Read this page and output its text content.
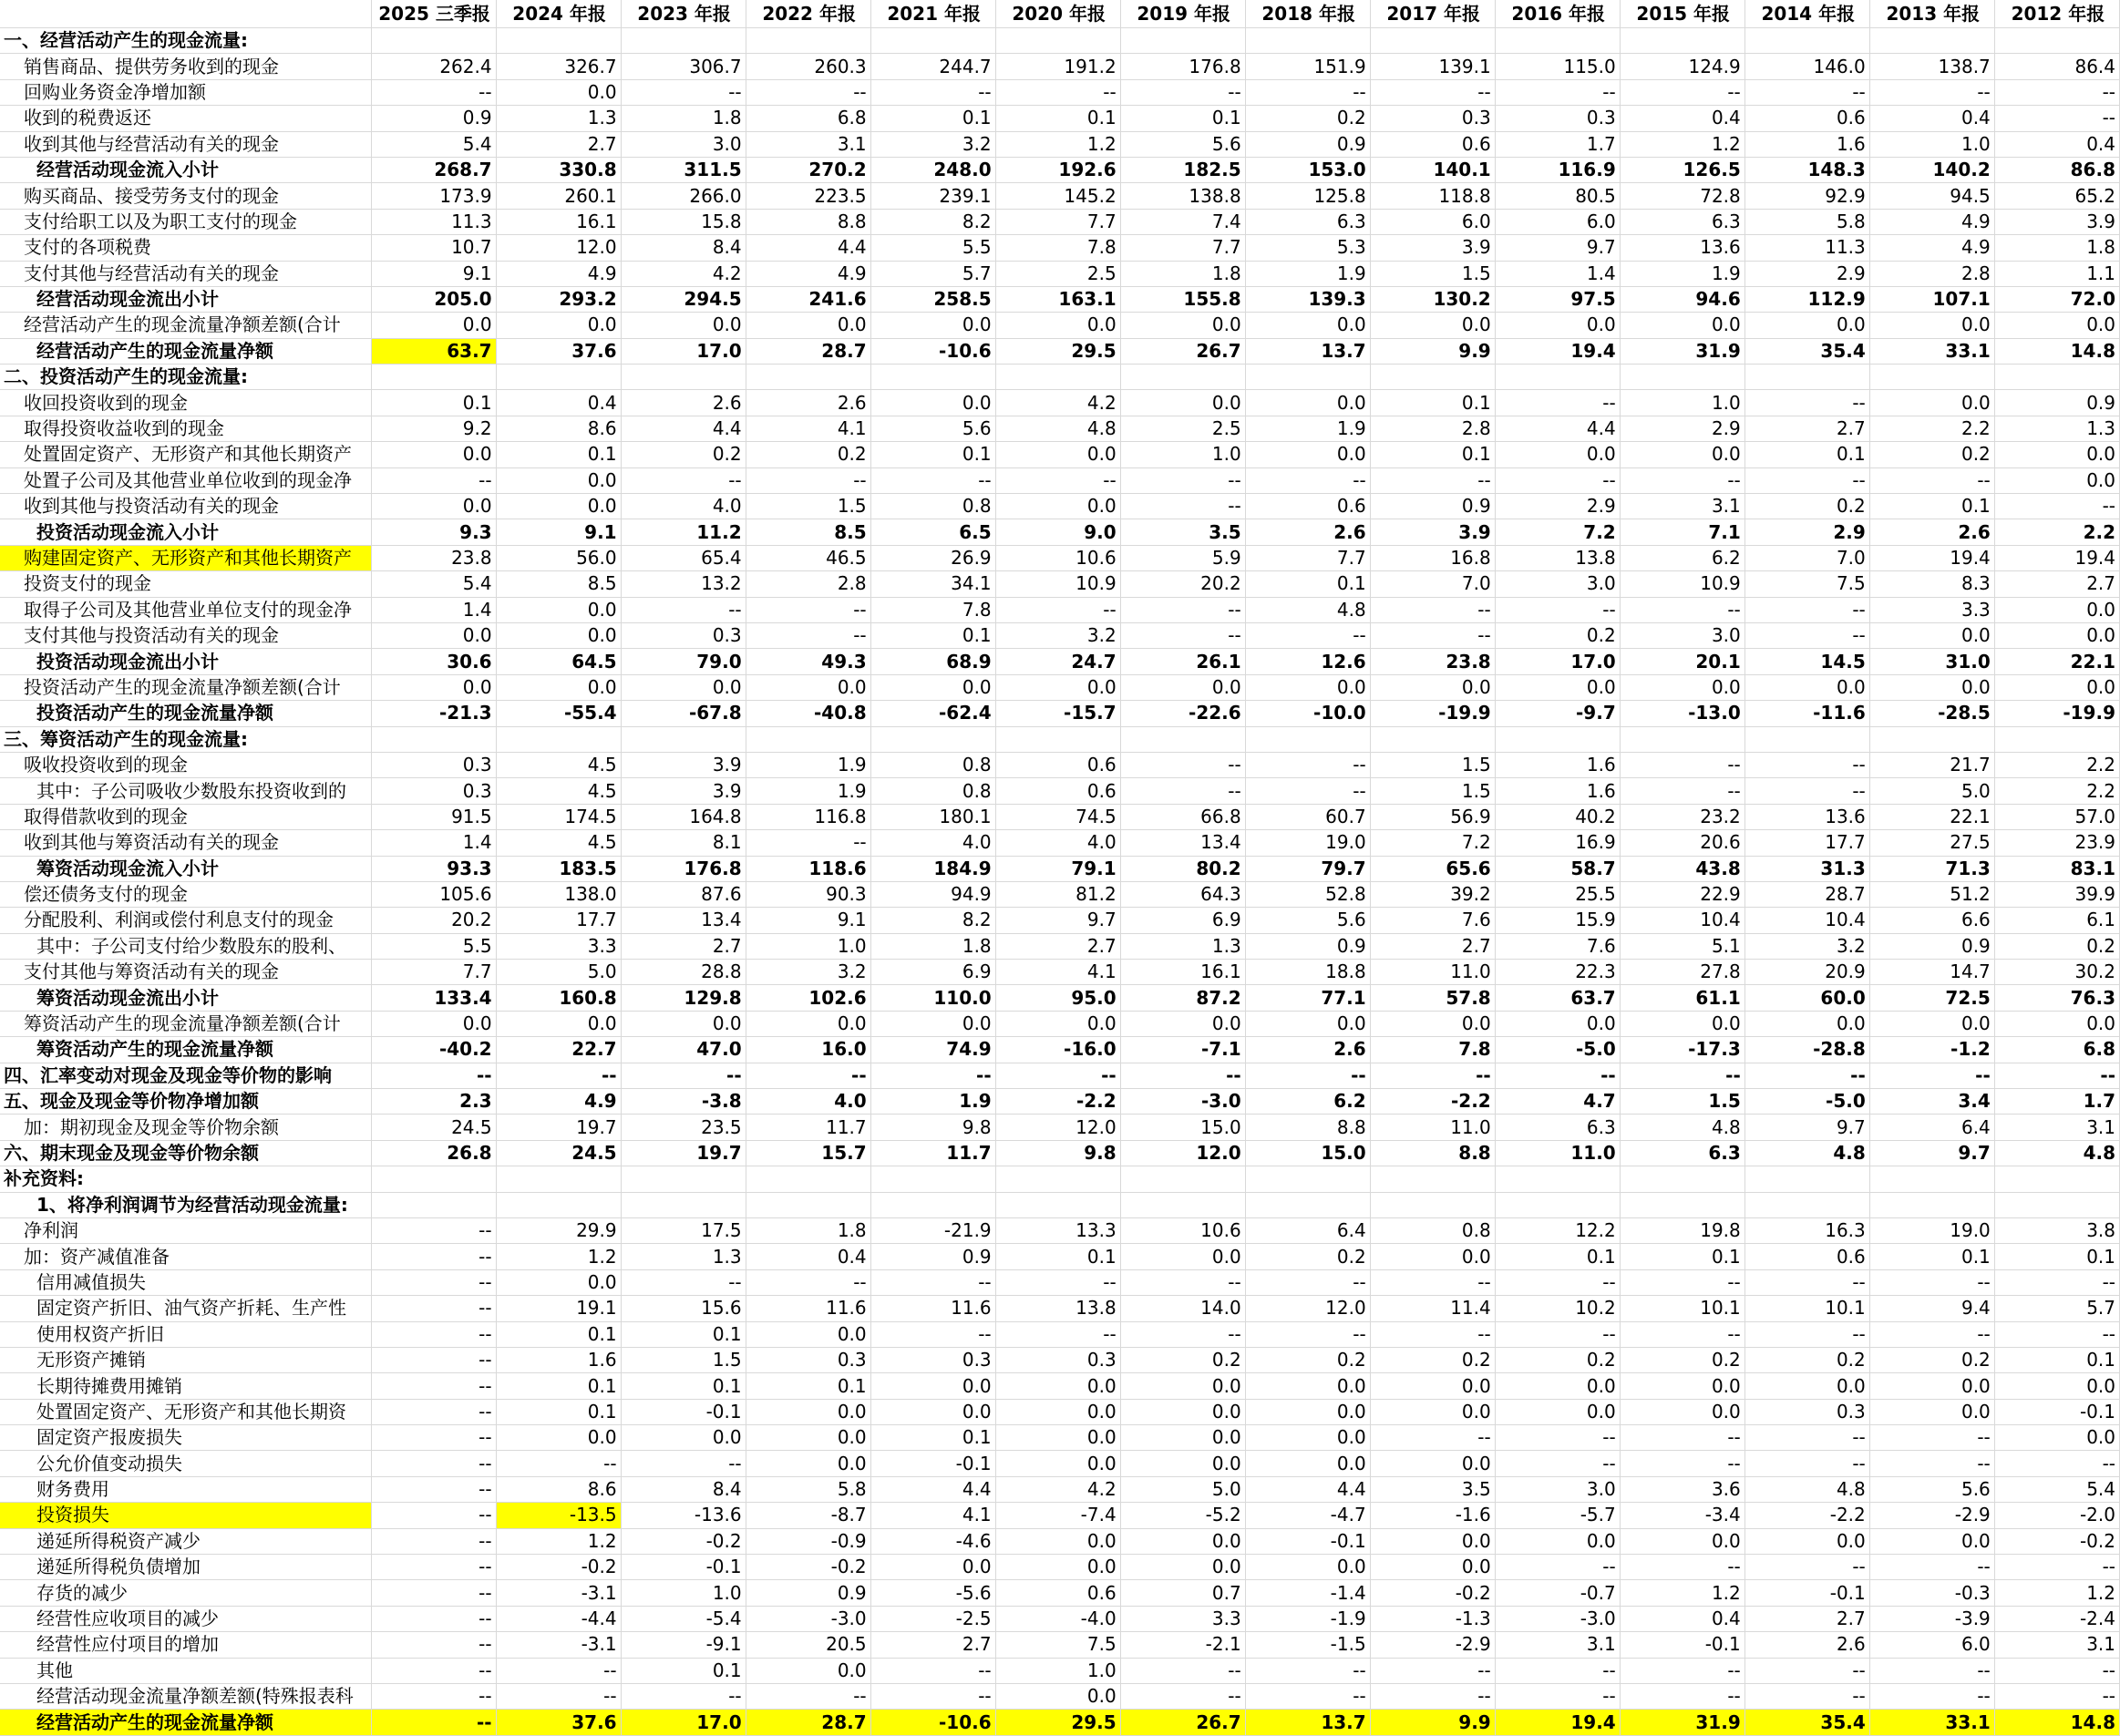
	2025 三季报	2024 年报	2023 年报	2022 年报	2021 年报	2020 年报	2019 年报	2018 年报	2017 年报	2016 年报	2015 年报	2014 年报	2013 年报	2012 年报
一、经营活动产生的现金流量:														
销售商品、提供劳务收到的现金	262.4	326.7	306.7	260.3	244.7	191.2	176.8	151.9	139.1	115.0	124.9	146.0	138.7	86.4
回购业务资金净增加额	--	0.0	--	--	--	--	--	--	--	--	--	--	--	--
收到的税费返还	0.9	1.3	1.8	6.8	0.1	0.1	0.1	0.2	0.3	0.3	0.4	0.6	0.4	--
收到其他与经营活动有关的现金	5.4	2.7	3.0	3.1	3.2	1.2	5.6	0.9	0.6	1.7	1.2	1.6	1.0	0.4
经营活动现金流入小计	268.7	330.8	311.5	270.2	248.0	192.6	182.5	153.0	140.1	116.9	126.5	148.3	140.2	86.8
购买商品、接受劳务支付的现金	173.9	260.1	266.0	223.5	239.1	145.2	138.8	125.8	118.8	80.5	72.8	92.9	94.5	65.2
支付给职工以及为职工支付的现金	11.3	16.1	15.8	8.8	8.2	7.7	7.4	6.3	6.0	6.0	6.3	5.8	4.9	3.9
支付的各项税费	10.7	12.0	8.4	4.4	5.5	7.8	7.7	5.3	3.9	9.7	13.6	11.3	4.9	1.8
支付其他与经营活动有关的现金	9.1	4.9	4.2	4.9	5.7	2.5	1.8	1.9	1.5	1.4	1.9	2.9	2.8	1.1
经营活动现金流出小计	205.0	293.2	294.5	241.6	258.5	163.1	155.8	139.3	130.2	97.5	94.6	112.9	107.1	72.0
经营活动产生的现金流量净额差额(合计	0.0	0.0	0.0	0.0	0.0	0.0	0.0	0.0	0.0	0.0	0.0	0.0	0.0	0.0
经营活动产生的现金流量净额	63.7	37.6	17.0	28.7	-10.6	29.5	26.7	13.7	9.9	19.4	31.9	35.4	33.1	14.8
二、投资活动产生的现金流量:														
收回投资收到的现金	0.1	0.4	2.6	2.6	0.0	4.2	0.0	0.0	0.1	--	1.0	--	0.0	0.9
取得投资收益收到的现金	9.2	8.6	4.4	4.1	5.6	4.8	2.5	1.9	2.8	4.4	2.9	2.7	2.2	1.3
处置固定资产、无形资产和其他长期资产	0.0	0.1	0.2	0.2	0.1	0.0	1.0	0.0	0.1	0.0	0.0	0.1	0.2	0.0
处置子公司及其他营业单位收到的现金净	--	0.0	--	--	--	--	--	--	--	--	--	--	--	0.0
收到其他与投资活动有关的现金	0.0	0.0	4.0	1.5	0.8	0.0	--	0.6	0.9	2.9	3.1	0.2	0.1	--
投资活动现金流入小计	9.3	9.1	11.2	8.5	6.5	9.0	3.5	2.6	3.9	7.2	7.1	2.9	2.6	2.2
购建固定资产、无形资产和其他长期资产	23.8	56.0	65.4	46.5	26.9	10.6	5.9	7.7	16.8	13.8	6.2	7.0	19.4	19.4
投资支付的现金	5.4	8.5	13.2	2.8	34.1	10.9	20.2	0.1	7.0	3.0	10.9	7.5	8.3	2.7
取得子公司及其他营业单位支付的现金净	1.4	0.0	--	--	7.8	--	--	4.8	--	--	--	--	3.3	0.0
支付其他与投资活动有关的现金	0.0	0.0	0.3	--	0.1	3.2	--	--	--	0.2	3.0	--	0.0	0.0
投资活动现金流出小计	30.6	64.5	79.0	49.3	68.9	24.7	26.1	12.6	23.8	17.0	20.1	14.5	31.0	22.1
投资活动产生的现金流量净额差额(合计	0.0	0.0	0.0	0.0	0.0	0.0	0.0	0.0	0.0	0.0	0.0	0.0	0.0	0.0
投资活动产生的现金流量净额	-21.3	-55.4	-67.8	-40.8	-62.4	-15.7	-22.6	-10.0	-19.9	-9.7	-13.0	-11.6	-28.5	-19.9
三、筹资活动产生的现金流量:														
吸收投资收到的现金	0.3	4.5	3.9	1.9	0.8	0.6	--	--	1.5	1.6	--	--	21.7	2.2
其中：子公司吸收少数股东投资收到的	0.3	4.5	3.9	1.9	0.8	0.6	--	--	1.5	1.6	--	--	5.0	2.2
取得借款收到的现金	91.5	174.5	164.8	116.8	180.1	74.5	66.8	60.7	56.9	40.2	23.2	13.6	22.1	57.0
收到其他与筹资活动有关的现金	1.4	4.5	8.1	--	4.0	4.0	13.4	19.0	7.2	16.9	20.6	17.7	27.5	23.9
筹资活动现金流入小计	93.3	183.5	176.8	118.6	184.9	79.1	80.2	79.7	65.6	58.7	43.8	31.3	71.3	83.1
偿还债务支付的现金	105.6	138.0	87.6	90.3	94.9	81.2	64.3	52.8	39.2	25.5	22.9	28.7	51.2	39.9
分配股利、利润或偿付利息支付的现金	20.2	17.7	13.4	9.1	8.2	9.7	6.9	5.6	7.6	15.9	10.4	10.4	6.6	6.1
其中：子公司支付给少数股东的股利、	5.5	3.3	2.7	1.0	1.8	2.7	1.3	0.9	2.7	7.6	5.1	3.2	0.9	0.2
支付其他与筹资活动有关的现金	7.7	5.0	28.8	3.2	6.9	4.1	16.1	18.8	11.0	22.3	27.8	20.9	14.7	30.2
筹资活动现金流出小计	133.4	160.8	129.8	102.6	110.0	95.0	87.2	77.1	57.8	63.7	61.1	60.0	72.5	76.3
筹资活动产生的现金流量净额差额(合计	0.0	0.0	0.0	0.0	0.0	0.0	0.0	0.0	0.0	0.0	0.0	0.0	0.0	0.0
筹资活动产生的现金流量净额	-40.2	22.7	47.0	16.0	74.9	-16.0	-7.1	2.6	7.8	-5.0	-17.3	-28.8	-1.2	6.8
四、汇率变动对现金及现金等价物的影响	--	--	--	--	--	--	--	--	--	--	--	--	--	--
五、现金及现金等价物净增加额	2.3	4.9	-3.8	4.0	1.9	-2.2	-3.0	6.2	-2.2	4.7	1.5	-5.0	3.4	1.7
加：期初现金及现金等价物余额	24.5	19.7	23.5	11.7	9.8	12.0	15.0	8.8	11.0	6.3	4.8	9.7	6.4	3.1
六、期末现金及现金等价物余额	26.8	24.5	19.7	15.7	11.7	9.8	12.0	15.0	8.8	11.0	6.3	4.8	9.7	4.8
补充资料:														
1、将净利润调节为经营活动现金流量:														
净利润	--	29.9	17.5	1.8	-21.9	13.3	10.6	6.4	0.8	12.2	19.8	16.3	19.0	3.8
加：资产减值准备	--	1.2	1.3	0.4	0.9	0.1	0.0	0.2	0.0	0.1	0.1	0.6	0.1	0.1
信用减值损失	--	0.0	--	--	--	--	--	--	--	--	--	--	--	--
固定资产折旧、油气资产折耗、生产性	--	19.1	15.6	11.6	11.6	13.8	14.0	12.0	11.4	10.2	10.1	10.1	9.4	5.7
使用权资产折旧	--	0.1	0.1	0.0	--	--	--	--	--	--	--	--	--	--
无形资产摊销	--	1.6	1.5	0.3	0.3	0.3	0.2	0.2	0.2	0.2	0.2	0.2	0.2	0.1
长期待摊费用摊销	--	0.1	0.1	0.1	0.0	0.0	0.0	0.0	0.0	0.0	0.0	0.0	0.0	0.0
处置固定资产、无形资产和其他长期资	--	0.1	-0.1	0.0	0.0	0.0	0.0	0.0	0.0	0.0	0.0	0.3	0.0	-0.1
固定资产报废损失	--	0.0	0.0	0.0	0.1	0.0	0.0	0.0	--	--	--	--	--	0.0
公允价值变动损失	--	--	--	0.0	-0.1	0.0	0.0	0.0	0.0	--	--	--	--	--
财务费用	--	8.6	8.4	5.8	4.4	4.2	5.0	4.4	3.5	3.0	3.6	4.8	5.6	5.4
投资损失	--	-13.5	-13.6	-8.7	4.1	-7.4	-5.2	-4.7	-1.6	-5.7	-3.4	-2.2	-2.9	-2.0
递延所得税资产减少	--	1.2	-0.2	-0.9	-4.6	0.0	0.0	-0.1	0.0	0.0	0.0	0.0	0.0	-0.2
递延所得税负债增加	--	-0.2	-0.1	-0.2	0.0	0.0	0.0	0.0	0.0	--	--	--	--	--
存货的减少	--	-3.1	1.0	0.9	-5.6	0.6	0.7	-1.4	-0.2	-0.7	1.2	-0.1	-0.3	1.2
经营性应收项目的减少	--	-4.4	-5.4	-3.0	-2.5	-4.0	3.3	-1.9	-1.3	-3.0	0.4	2.7	-3.9	-2.4
经营性应付项目的增加	--	-3.1	-9.1	20.5	2.7	7.5	-2.1	-1.5	-2.9	3.1	-0.1	2.6	6.0	3.1
其他	--	--	0.1	0.0	--	1.0	--	--	--	--	--	--	--	--
经营活动现金流量净额差额(特殊报表科	--	--	--	--	--	0.0	--	--	--	--	--	--	--	--
经营活动产生的现金流量净额	--	37.6	17.0	28.7	-10.6	29.5	26.7	13.7	9.9	19.4	31.9	35.4	33.1	14.8
